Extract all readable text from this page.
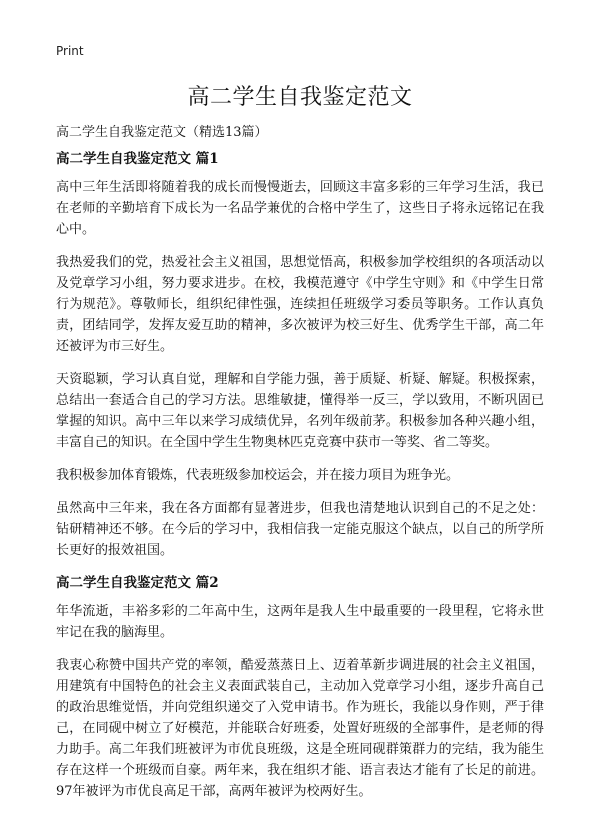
Print
高二学生自我鉴定范文

高二学生自我鉴定范文（精选13篇）

高二学生自我鉴定范文 篇1

高中三年生活即将随着我的成长而慢慢逝去，回顾这丰富多彩的三年学习生活，我已在老师的辛勤培育下成长为一名品学兼优的合格中学生了，这些日子将永远铭记在我心中。

我热爱我们的党，热爱社会主义祖国，思想觉悟高，积极参加学校组织的各项活动以及党章学习小组，努力要求进步。在校，我模范遵守《中学生守则》和《中学生日常行为规范》。尊敬师长，组织纪律性强，连续担任班级学习委员等职务。工作认真负责，团结同学，发挥友爱互助的精神，多次被评为校三好生、优秀学生干部，高二年还被评为市三好生。

天资聪颖，学习认真自觉，理解和自学能力强，善于质疑、析疑、解疑。积极探索，总结出一套适合自己的学习方法。思维敏捷，懂得举一反三，学以致用，不断巩固已掌握的知识。高中三年以来学习成绩优异，名列年级前茅。积极参加各种兴趣小组，丰富自己的知识。在全国中学生生物奥林匹克竞赛中获市一等奖、省二等奖。

我积极参加体育锻炼，代表班级参加校运会，并在接力项目为班争光。

虽然高中三年来，我在各方面都有显著进步，但我也清楚地认识到自己的不足之处：钻研精神还不够。在今后的学习中，我相信我一定能克服这个缺点，以自己的所学所长更好的报效祖国。

高二学生自我鉴定范文 篇2

年华流逝，丰裕多彩的二年高中生，这两年是我人生中最重要的一段里程，它将永世牢记在我的脑海里。

我衷心称赞中国共产党的率领，酷爱蒸蒸日上、迈着革新步调进展的社会主义祖国，用建筑有中国特色的社会主义表面武装自己，主动加入党章学习小组，逐步升高自己的政治思维觉悟，并向党组织递交了入党申请书。作为班长，我能以身作则，严于律己，在同砚中树立了好模范，并能联合好班委，处置好班级的全部事件，是老师的得力助手。高二年我们班被评为市优良班级，这是全班同砚群策群力的完结，我为能生存在这样一个班级而自豪。两年来，我在组织才能、语言表达才能有了长足的前进。97年被评为市优良高足干部，高两年被评为校两好生。
